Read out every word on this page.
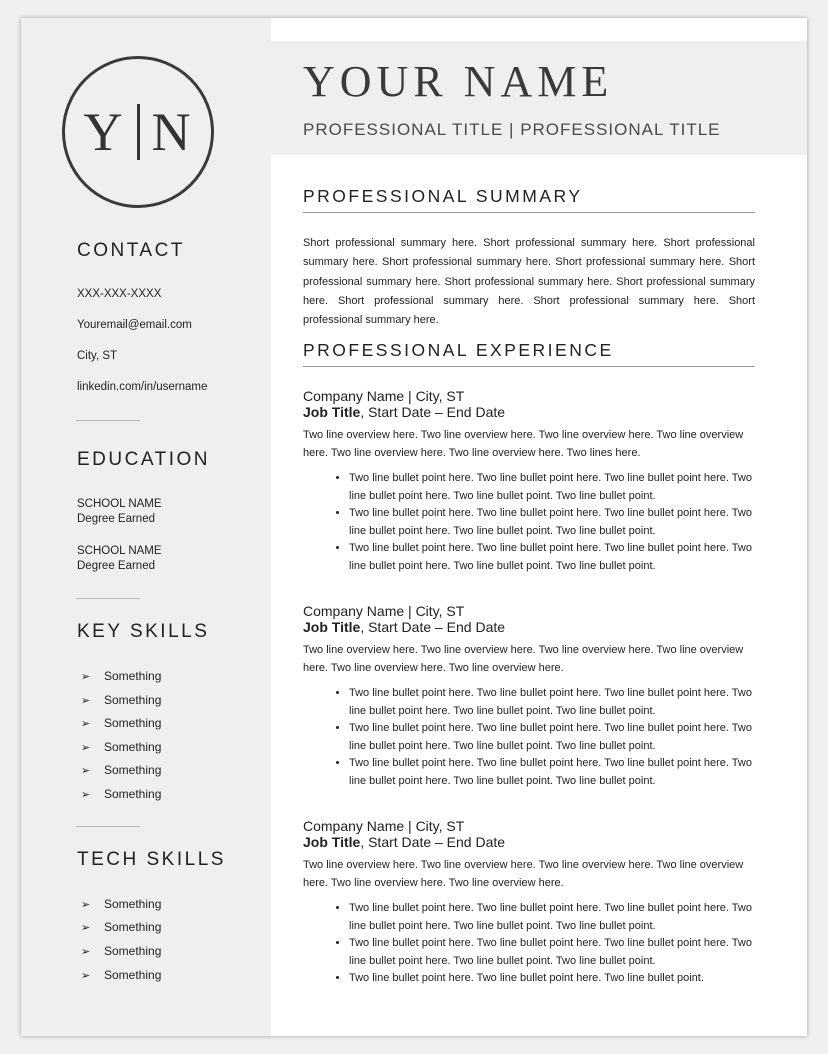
Y N
CONTACT
XXX-XXX-XXXX
Youremail@email.com
City, ST
linkedin.com/in/username
EDUCATION
SCHOOL NAME
Degree Earned
SCHOOL NAME
Degree Earned
KEY SKILLS
➢ Something
➢ Something
➢ Something
➢ Something
➢ Something
➢ Something
TECH SKILLS
➢ Something
➢ Something
➢ Something
➢ Something
YOUR NAME
PROFESSIONAL TITLE | PROFESSIONAL TITLE
PROFESSIONAL SUMMARY
Short professional summary here. Short professional summary here. Short professional summary here. Short professional summary here. Short professional summary here. Short professional summary here. Short professional summary here. Short professional summary here. Short professional summary here. Short professional summary here. Short professional summary here.
PROFESSIONAL EXPERIENCE
Company Name | City, ST
Job Title, Start Date – End Date
Two line overview here. Two line overview here. Two line overview here. Two line overview here. Two line overview here. Two line overview here. Two lines here.
• Two line bullet point here. Two line bullet point here. Two line bullet point here. Two line bullet point here. Two line bullet point. Two line bullet point.
• Two line bullet point here. Two line bullet point here. Two line bullet point here. Two line bullet point here. Two line bullet point. Two line bullet point.
• Two line bullet point here. Two line bullet point here. Two line bullet point here. Two line bullet point here. Two line bullet point. Two line bullet point.
Company Name | City, ST
Job Title, Start Date – End Date
Two line overview here. Two line overview here. Two line overview here. Two line overview here. Two line overview here. Two line overview here.
• Two line bullet point here. Two line bullet point here. Two line bullet point here. Two line bullet point here. Two line bullet point. Two line bullet point.
• Two line bullet point here. Two line bullet point here. Two line bullet point here. Two line bullet point here. Two line bullet point. Two line bullet point.
• Two line bullet point here. Two line bullet point here. Two line bullet point here. Two line bullet point here. Two line bullet point. Two line bullet point.
Company Name | City, ST
Job Title, Start Date – End Date
Two line overview here. Two line overview here. Two line overview here. Two line overview here. Two line overview here. Two line overview here.
• Two line bullet point here. Two line bullet point here. Two line bullet point here. Two line bullet point here. Two line bullet point. Two line bullet point.
• Two line bullet point here. Two line bullet point here. Two line bullet point here. Two line bullet point here. Two line bullet point. Two line bullet point.
• Two line bullet point here. Two line bullet point here. Two line bullet point.
